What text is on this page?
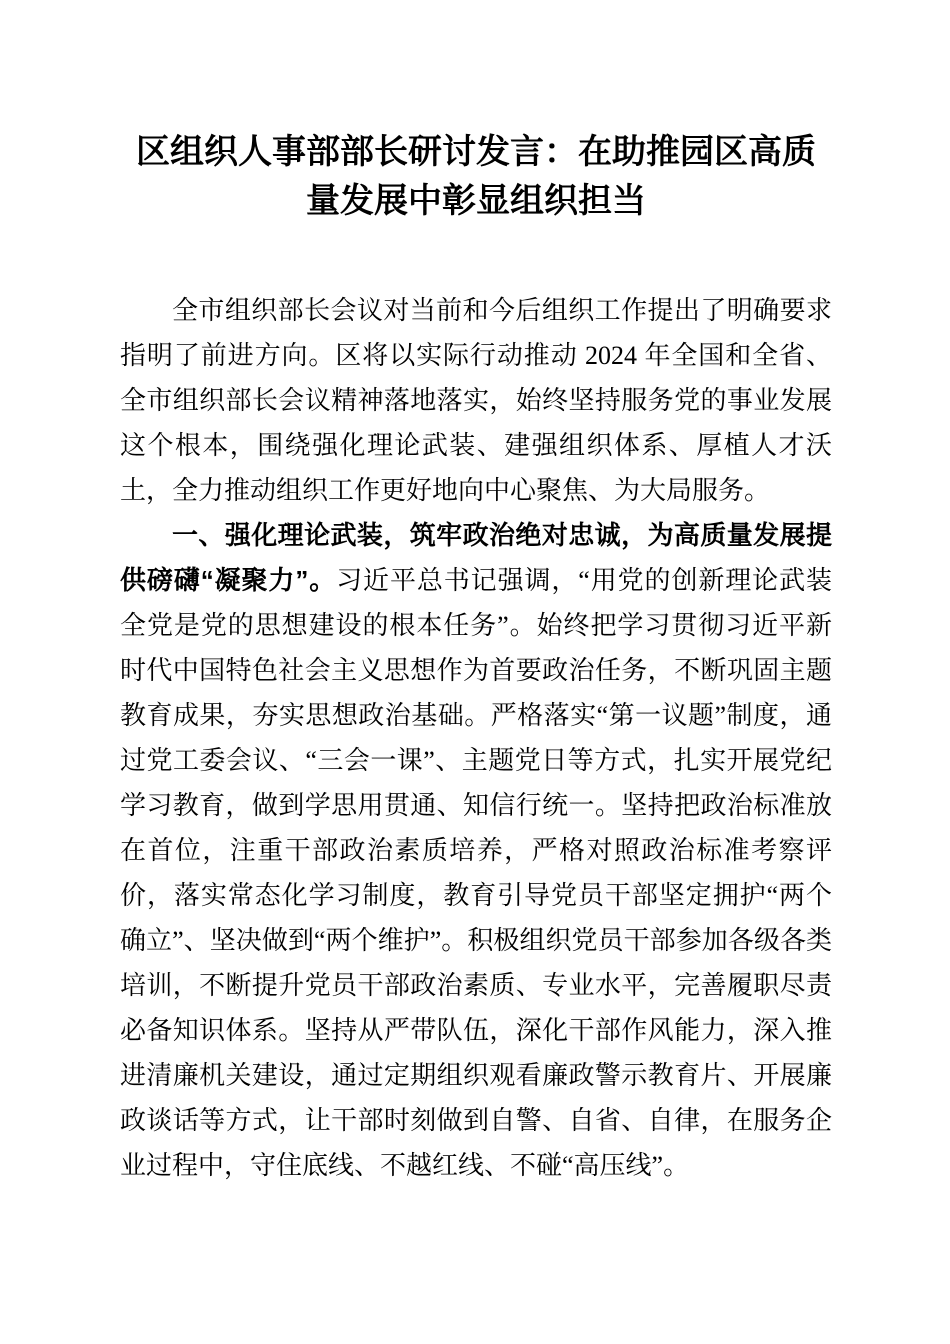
区组织人事部部长研讨发言：在助推园区高质量发展中彰显组织担当

全市组织部长会议对当前和今后组织工作提出了明确要求指明了前进方向。区将以实际行动推动 2024 年全国和全省、全市组织部长会议精神落地落实，始终坚持服务党的事业发展这个根本，围绕强化理论武装、建强组织体系、厚植人才沃土，全力推动组织工作更好地向中心聚焦、为大局服务。

一、强化理论武装，筑牢政治绝对忠诚，为高质量发展提供磅礴“凝聚力”。习近平总书记强调，“用党的创新理论武装全党是党的思想建设的根本任务”。始终把学习贯彻习近平新时代中国特色社会主义思想作为首要政治任务，不断巩固主题教育成果，夯实思想政治基础。严格落实“第一议题”制度，通过党工委会议、“三会一课”、主题党日等方式，扎实开展党纪学习教育，做到学思用贯通、知信行统一。坚持把政治标准放在首位，注重干部政治素质培养，严格对照政治标准考察评价，落实常态化学习制度，教育引导党员干部坚定拥护“两个确立”、坚决做到“两个维护”。积极组织党员干部参加各级各类培训，不断提升党员干部政治素质、专业水平，完善履职尽责必备知识体系。坚持从严带队伍，深化干部作风能力，深入推进清廉机关建设，通过定期组织观看廉政警示教育片、开展廉政谈话等方式，让干部时刻做到自警、自省、自律，在服务企业过程中，守住底线、不越红线、不碰“高压线”。
